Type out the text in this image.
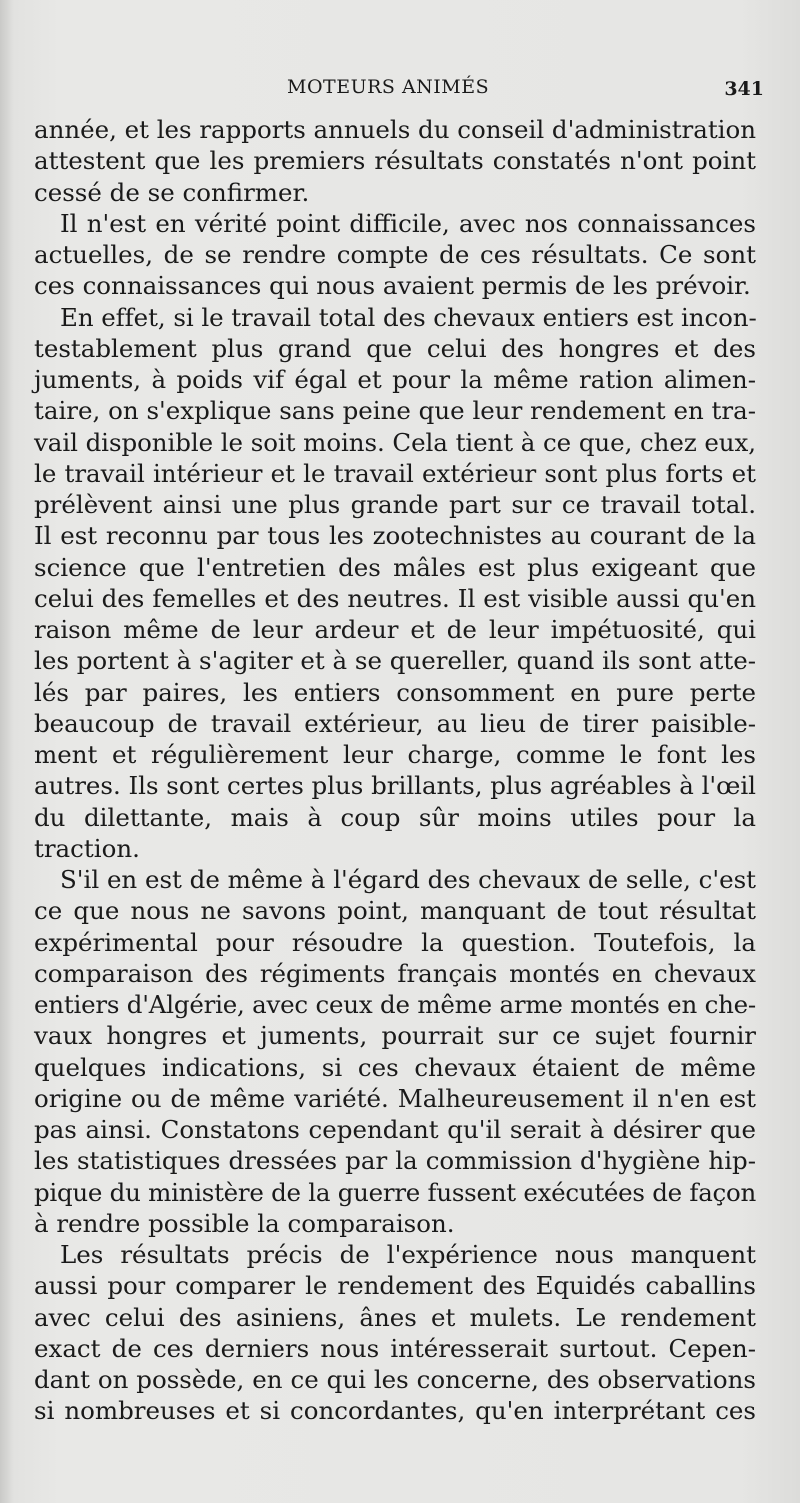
MOTEURS ANIMÉS	341

année, et les rapports annuels du conseil d'administration
attestent que les premiers résultats constatés n'ont point
cessé de se confirmer.

Il n'est en vérité point difficile, avec nos connaissances
actuelles, de se rendre compte de ces résultats. Ce sont
ces connaissances qui nous avaient permis de les prévoir.

En effet, si le travail total des chevaux entiers est incon-
testablement plus grand que celui des hongres et des
juments, à poids vif égal et pour la même ration alimen-
taire, on s'explique sans peine que leur rendement en tra-
vail disponible le soit moins. Cela tient à ce que, chez eux,
le travail intérieur et le travail extérieur sont plus forts et
prélèvent ainsi une plus grande part sur ce travail total.
Il est reconnu par tous les zootechnistes au courant de la
science que l'entretien des mâles est plus exigeant que
celui des femelles et des neutres. Il est visible aussi qu'en
raison même de leur ardeur et de leur impétuosité, qui
les portent à s'agiter et à se quereller, quand ils sont atte-
lés par paires, les entiers consomment en pure perte
beaucoup de travail extérieur, au lieu de tirer paisible-
ment et régulièrement leur charge, comme le font les
autres. Ils sont certes plus brillants, plus agréables à l'œil
du dilettante, mais à coup sûr moins utiles pour la
traction.

S'il en est de même à l'égard des chevaux de selle, c'est
ce que nous ne savons point, manquant de tout résultat
expérimental pour résoudre la question. Toutefois, la
comparaison des régiments français montés en chevaux
entiers d'Algérie, avec ceux de même arme montés en che-
vaux hongres et juments, pourrait sur ce sujet fournir
quelques indications, si ces chevaux étaient de même
origine ou de même variété. Malheureusement il n'en est
pas ainsi. Constatons cependant qu'il serait à désirer que
les statistiques dressées par la commission d'hygiène hip-
pique du ministère de la guerre fussent exécutées de façon
à rendre possible la comparaison.

Les résultats précis de l'expérience nous manquent
aussi pour comparer le rendement des Equidés caballins
avec celui des asiniens, ânes et mulets. Le rendement
exact de ces derniers nous intéresserait surtout. Cepen-
dant on possède, en ce qui les concerne, des observations
si nombreuses et si concordantes, qu'en interprétant ces
